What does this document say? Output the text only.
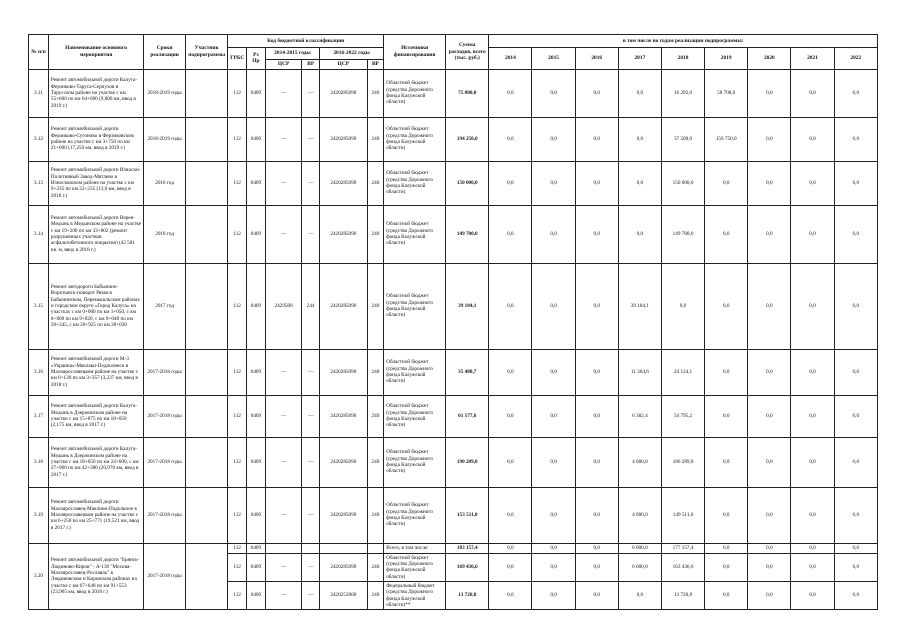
№ п/п	Наименование основного мероприятия	Сроки реализации	Участник подпрограммы	Код бюджетной классификации						Источники финансирования	Сумма расходов, всего (тыс. руб.)	в том числе по годам реализации подпрограммы:								
				ГРБС	Рз Пр	2014-2015 годы		2016-2022 годы				2014	2015	2016	2017	2018	2019	2020	2021	2022
						ЦСР	ВР	ЦСР	ВР											
3.11	Ремонт автомобильной дороги Калуга-Ферзиково-Таруса-Серпухов в Тарусском районе на участке с км 55+600 по км 64+600 (9,000 км, ввод в 2019 г.)	2018-2019 годы		112	0409	—	—	2420285090	240	Областной бюджет (средства Дорожного фонда Калужской области)	75 000,0	0,0	0,0	0,0	0,0	16 292,0	58 708,0	0,0	0,0	0,0
3.12	Ремонт автомобильной дороги Ферзиково-Сугоново в Ферзиковском районе на участке с км 3+750 по км 21+000 (17,250 км, ввод в 2019 г.)	2018-2019 годы		112	0409	—	—	2420285090	240	Областной бюджет (средства Дорожного фонда Калужской области)	194 250,0	0,0	0,0	0,0	0,0	37 500,0	156 750,0	0,0	0,0	0,0
3.13	Ремонт автомобильной дороги Износки-Полотняный Завод-Мятлево в Износковском районе на участке с км 9+235 по км 22+235 (13,0 км, ввод в 2018 г.)	2018 год		112	0409	—	—	2420285090	240	Областной бюджет (средства Дорожного фонда Калужской области)	150 000,0	0,0	0,0	0,0	0,0	150 000,0	0,0	0,0	0,0	0,0
3.14	Ремонт автомобильной дороги Верея-Медынь в Медынском районе на участке с км 19+200 по км 33+002 (ремонт разрушенных участков асфальтобетонного покрытия) (42 581 кв. м, ввод в 2018 г.)	2018 год		112	0409	—	—	2420285090	240	Областной бюджет (средства Дорожного фонда Калужской области)	149 700,0	0,0	0,0	0,0	0,0	149 700,0	0,0	0,0	0,0	0,0
3.15	Ремонт автодороги Бабынино-Воротынск-поворот Рязва в Бабынинском, Перемышльском районах и городском округе «Город Калуга» на участках с км 0+000 по км 1+050, с км 8+800 по км 9+020, с км 9+040 по км 20+345, с км 20+925 по км 28+030	2017 год		112	0409	2429500	244	2420285090	240	Областной бюджет (средства Дорожного фонда Калужской области)	39 184,1	0,0	0,0	0,0	39 184,1	0,0	0,0	0,0	0,0	0,0
3.16	Ремонт автомобильной дороги М-3 «Украина»-Маклаки-Подполянск в Малоярославецком районе на участке с км 0+130 по км 3+357 (3,227 км, ввод в 2018 г.)	2017-2018 годы		112	0409	—	—	2420285090	240	Областной бюджет (средства Дорожного фонда Калужской области)	35 488,7	0,0	0,0	0,0	11 364,6	24 124,1	0,0	0,0	0,0	0,0
3.17	Ремонт автомобильной дороги Калуга-Медынь в Дзержинском районе на участке с км 15+875 по км 18+050 (2,175 км, ввод в 2017 г.)	2017-2018 годы		112	0409	—	—	2420285090	240	Областной бюджет (средства Дорожного фонда Калужской области)	61 177,6	0,0	0,0	0,0	6 382,4	54 795,2	0,0	0,0	0,0	0,0
3.18	Ремонт автомобильной дороги Калуга-Медынь в Дзержинском районе на участке с км 18+050 по км 24+600, с км 27+960 по км 42+380 (20,970 км, ввод в 2017 г.)	2017-2018 годы		112	0409	—	—	2420285090	240	Областной бюджет (средства Дорожного фонда Калужской области)	190 289,8	0,0	0,0	0,0	4 000,0	186 289,8	0,0	0,0	0,0	0,0
3.19	Ремонт автомобильной дороги Малоярославец-Маклино-Подольное в Малоярославецком районе на участке с км 6+250 по км 25+771 (19,521 км, ввод в 2017 г.)	2017-2018 годы		112	0409	—	—	2420285090	240	Областной бюджет (средства Дорожного фонда Калужской области)	153 511,0	0,0	0,0	0,0	4 000,0	149 511,0	0,0	0,0	0,0	0,0
3.20	Ремонт автомобильной дороги "Брянск-Людиново-Киров" - А-130 "Москва-Малоярославец-Рославль" в Людиновском и Кировском районах на участке с км 67+648 по км 91+553 (23,905 км, ввод в 2018 г.)	2017-2018 годы		112	0409					Всего, в том числе:	183 157,4	0,0	0,0	0,0	6 000,0	177 157,4	0,0	0,0	0,0	0,0
				112	0409	—	—	2420285090	240	Областной бюджет (средства Дорожного фонда Калужской области)	169 436,6	0,0	0,0	0,0	6 000,0	163 436,6	0,0	0,0	0,0	0,0
				112	0409	—	—	2420253900	240	Федеральный бюджет (средства Дорожного фонда Калужской области)**	13 720,8	0,0	0,0	0,0	0,0	13 720,8	0,0	0,0	0,0	0,0
